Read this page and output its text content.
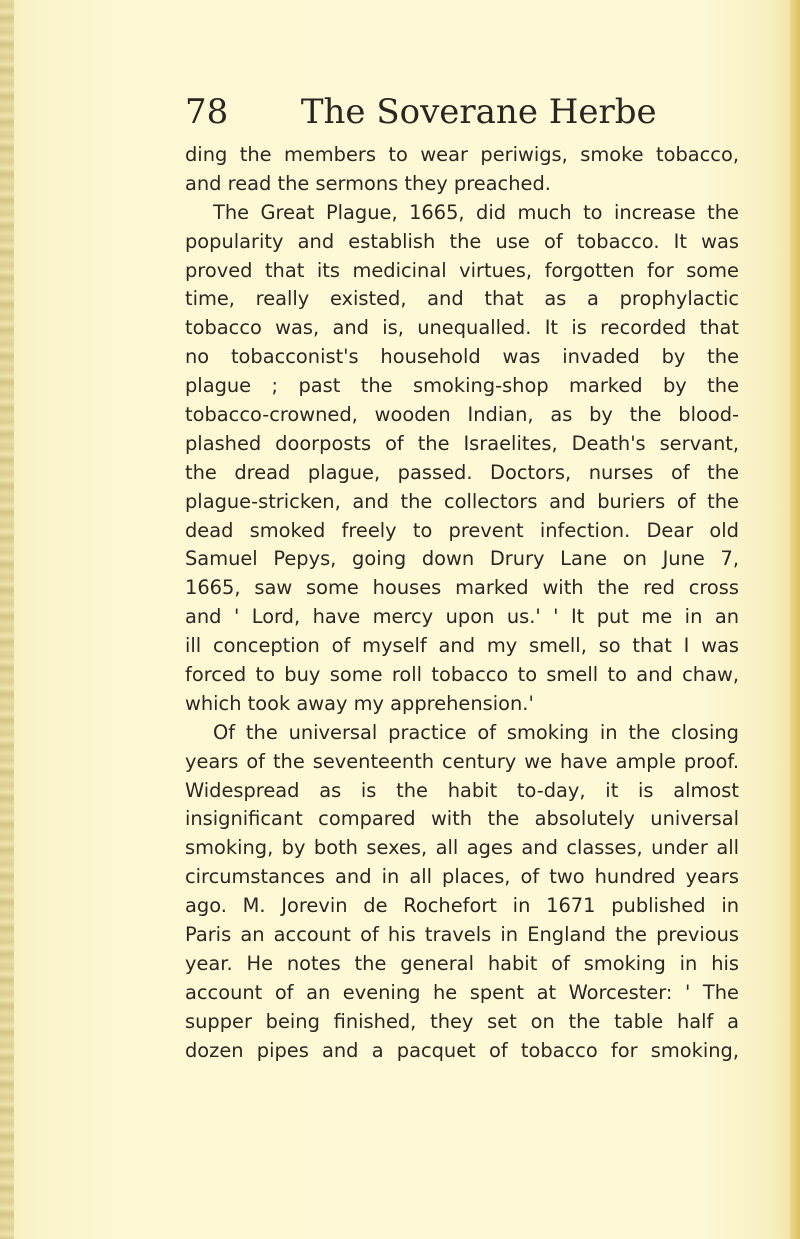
78 The Soverane Herbe
ding the members to wear periwigs, smoke tobacco,
and read the sermons they preached.
The Great Plague, 1665, did much to increase the
popularity and establish the use of tobacco. It was
proved that its medicinal virtues, forgotten for some
time, really existed, and that as a prophylactic
tobacco was, and is, unequalled. It is recorded that
no tobacconist's household was invaded by the
plague ; past the smoking-shop marked by the
tobacco-crowned, wooden Indian, as by the blood-
plashed doorposts of the Israelites, Death's servant,
the dread plague, passed. Doctors, nurses of the
plague-stricken, and the collectors and buriers of the
dead smoked freely to prevent infection. Dear old
Samuel Pepys, going down Drury Lane on June 7,
1665, saw some houses marked with the red cross
and ' Lord, have mercy upon us.' ' It put me in an
ill conception of myself and my smell, so that I was
forced to buy some roll tobacco to smell to and chaw,
which took away my apprehension.'
Of the universal practice of smoking in the closing
years of the seventeenth century we have ample proof.
Widespread as is the habit to-day, it is almost
insignificant compared with the absolutely universal
smoking, by both sexes, all ages and classes, under all
circumstances and in all places, of two hundred years
ago. M. Jorevin de Rochefort in 1671 published in
Paris an account of his travels in England the previous
year. He notes the general habit of smoking in his
account of an evening he spent at Worcester: ' The
supper being finished, they set on the table half a
dozen pipes and a pacquet of tobacco for smoking,
